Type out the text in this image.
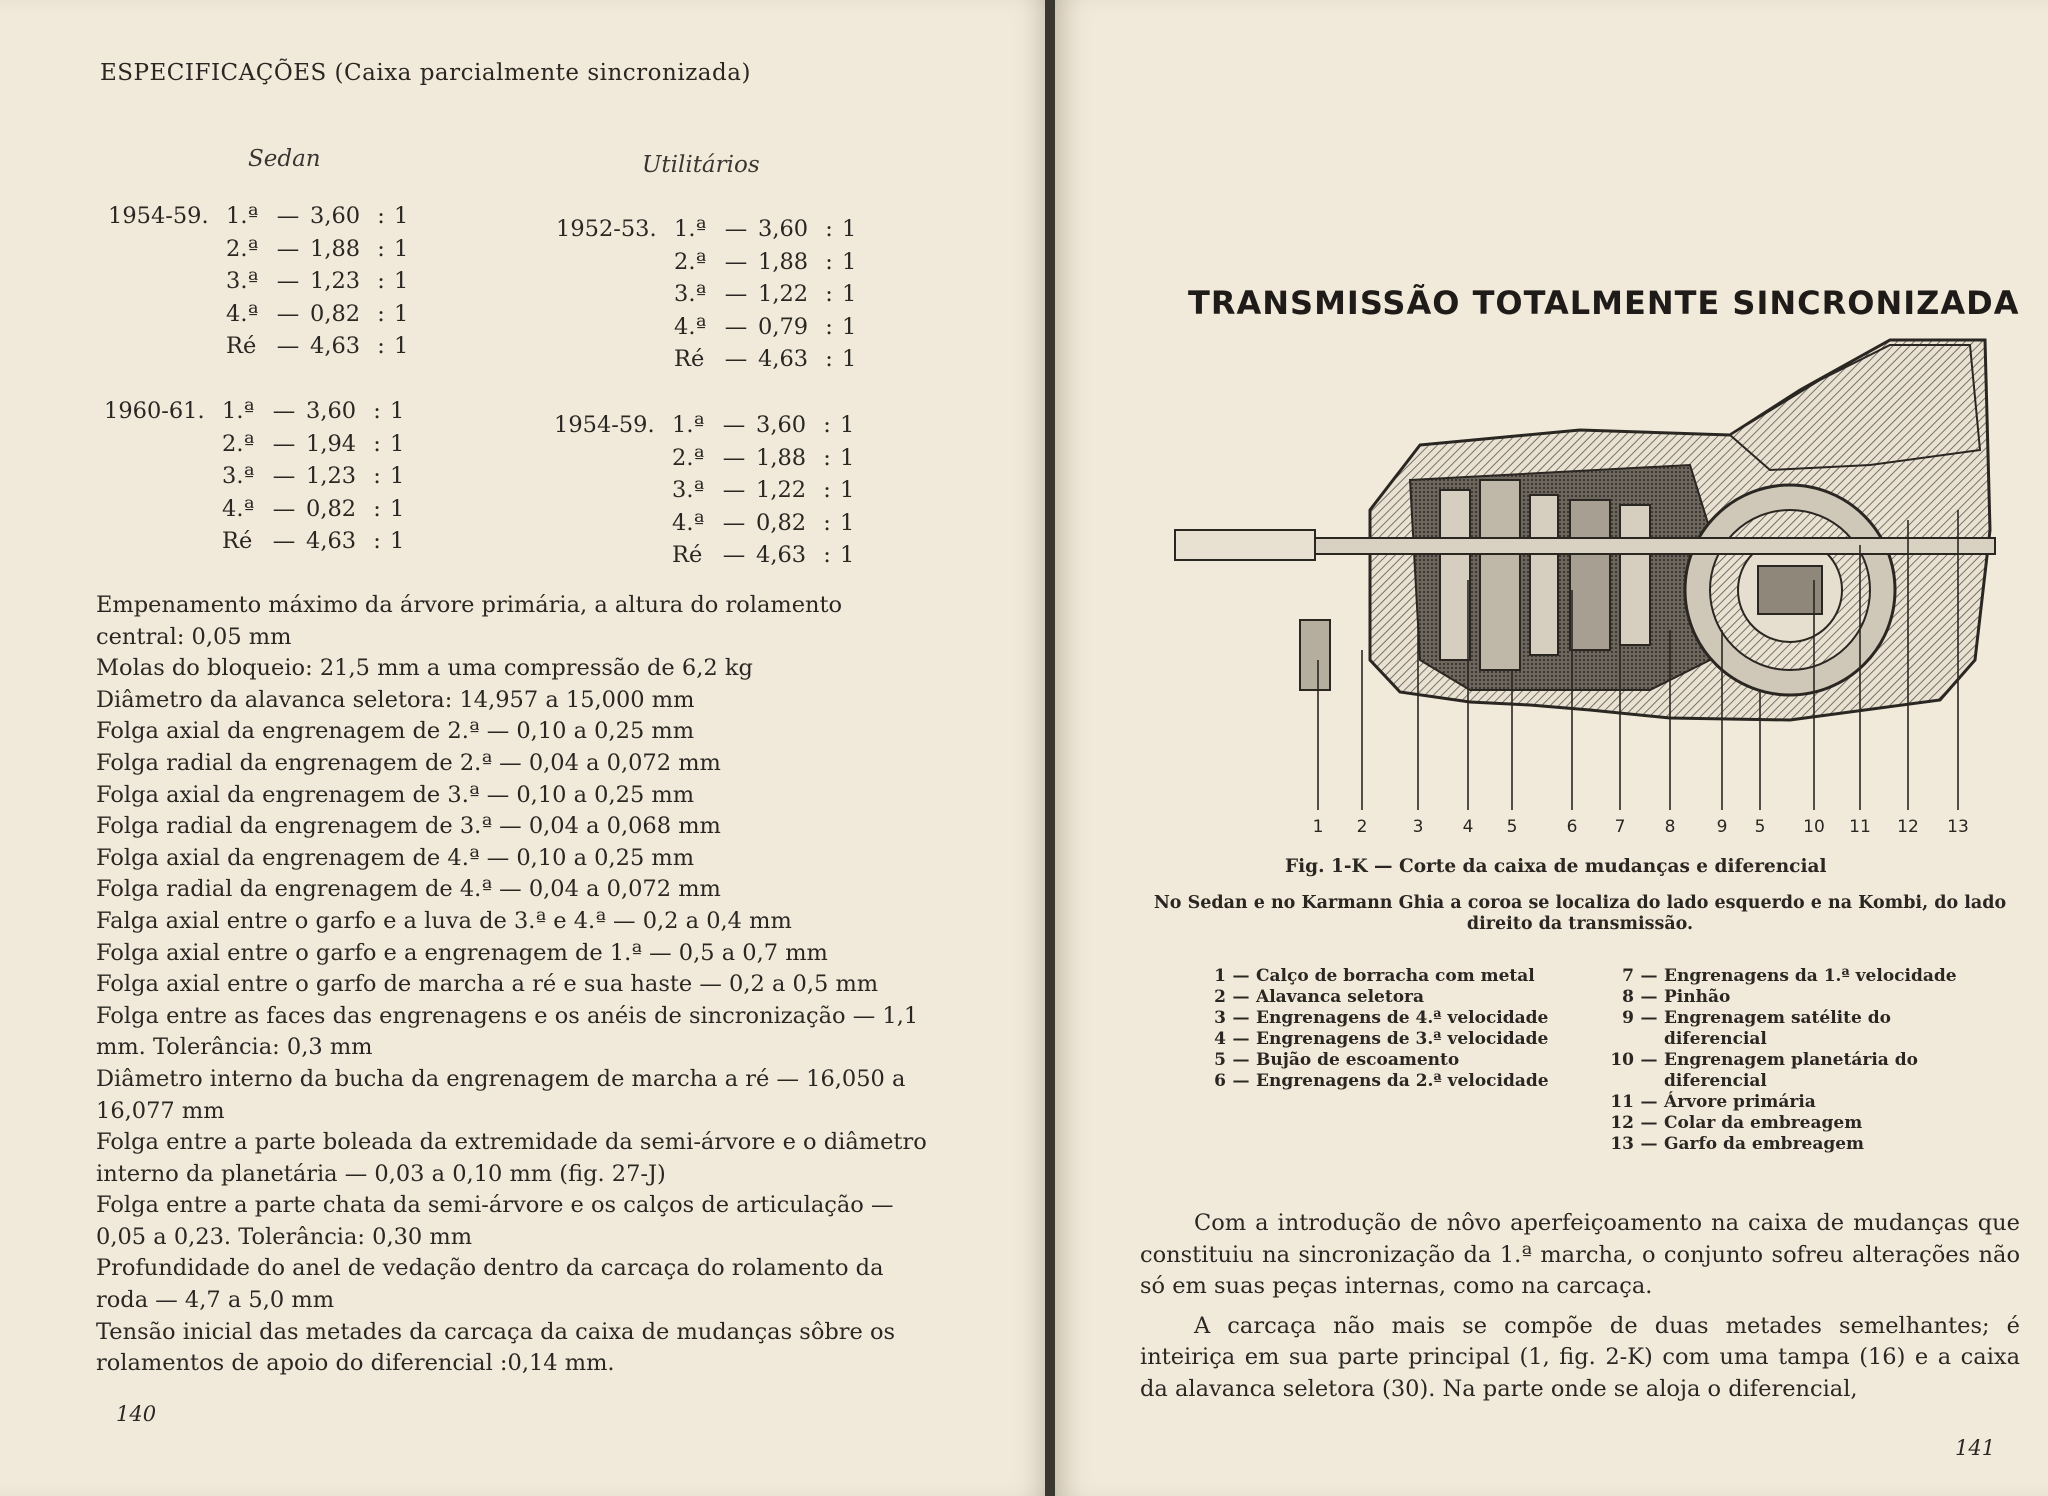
ESPECIFICAÇÕES (Caixa parcialmente sincronizada)
Sedan	Utilitários
1954-59.	1.ª	—	3,60	:	1
	2.ª	—	1,88	:	1
	3.ª	—	1,23	:	1
	4.ª	—	0,82	:	1
	Ré	—	4,63	:	1
1960-61.	1.ª	—	3,60	:	1
	2.ª	—	1,94	:	1
	3.ª	—	1,23	:	1
	4.ª	—	0,82	:	1
	Ré	—	4,63	:	1
1952-53.	1.ª	—	3,60	:	1
	2.ª	—	1,88	:	1
	3.ª	—	1,22	:	1
	4.ª	—	0,79	:	1
	Ré	—	4,63	:	1
1954-59.	1.ª	—	3,60	:	1
	2.ª	—	1,88	:	1
	3.ª	—	1,22	:	1
	4.ª	—	0,82	:	1
	Ré	—	4,63	:	1
Empenamento máximo da árvore primária, a altura do rolamento central: 0,05 mm
Molas do bloqueio: 21,5 mm a uma compressão de 6,2 kg
Diâmetro da alavanca seletora: 14,957 a 15,000 mm
Folga axial da engrenagem de 2.ª — 0,10 a 0,25 mm
Folga radial da engrenagem de 2.ª — 0,04 a 0,072 mm
Folga axial da engrenagem de 3.ª — 0,10 a 0,25 mm
Folga radial da engrenagem de 3.ª — 0,04 a 0,068 mm
Folga axial da engrenagem de 4.ª — 0,10 a 0,25 mm
Folga radial da engrenagem de 4.ª — 0,04 a 0,072 mm
Falga axial entre o garfo e a luva de 3.ª e 4.ª — 0,2 a 0,4 mm
Folga axial entre o garfo e a engrenagem de 1.ª — 0,5 a 0,7 mm
Folga axial entre o garfo de marcha a ré e sua haste — 0,2 a 0,5 mm
Folga entre as faces das engrenagens e os anéis de sincronização — 1,1 mm. Tolerância: 0,3 mm
Diâmetro interno da bucha da engrenagem de marcha a ré — 16,050 a 16,077 mm
Folga entre a parte boleada da extremidade da semi-árvore e o diâmetro interno da planetária — 0,03 a 0,10 mm (fig. 27-J)
Folga entre a parte chata da semi-árvore e os calços de articulação — 0,05 a 0,23. Tolerância: 0,30 mm
Profundidade do anel de vedação dentro da carcaça do rolamento da roda — 4,7 a 5,0 mm
Tensão inicial das metades da carcaça da caixa de mudanças sôbre os rolamentos de apoio do diferencial :0,14 mm.
140
TRANSMISSÃO TOTALMENTE SINCRONIZADA
1 2	3 4 5	6 7 8 9 5 10 11 12 13
Fig. 1-K — Corte da caixa de mudanças e diferencial
No Sedan e no Karmann Ghia a coroa se localiza do lado esquerdo e na Kombi, do lado direito da transmissão.
1 — Calço de borracha com metal
2 — Alavanca seletora
3 — Engrenagens de 4.ª velocidade
4 — Engrenagens de 3.ª velocidade
5 — Bujão de escoamento
6 — Engrenagens da 2.ª velocidade
7 — Engrenagens da 1.ª velocidade
8 — Pinhão
9 — Engrenagem satélite do diferencial
10 — Engrenagem planetária do diferencial
11 — Árvore primária
12 — Colar da embreagem
13 — Garfo da embreagem

Com a introdução de nôvo aperfeiçoamento na caixa de mudanças que constituiu na sincronização da 1.ª marcha, o conjunto sofreu alterações não só em suas peças internas, como na carcaça.

A carcaça não mais se compõe de duas metades semelhantes; é inteiriça em sua parte principal (1, fig. 2-K) com uma tampa (16) e a caixa da alavanca seletora (30). Na parte onde se aloja o diferencial,

141
